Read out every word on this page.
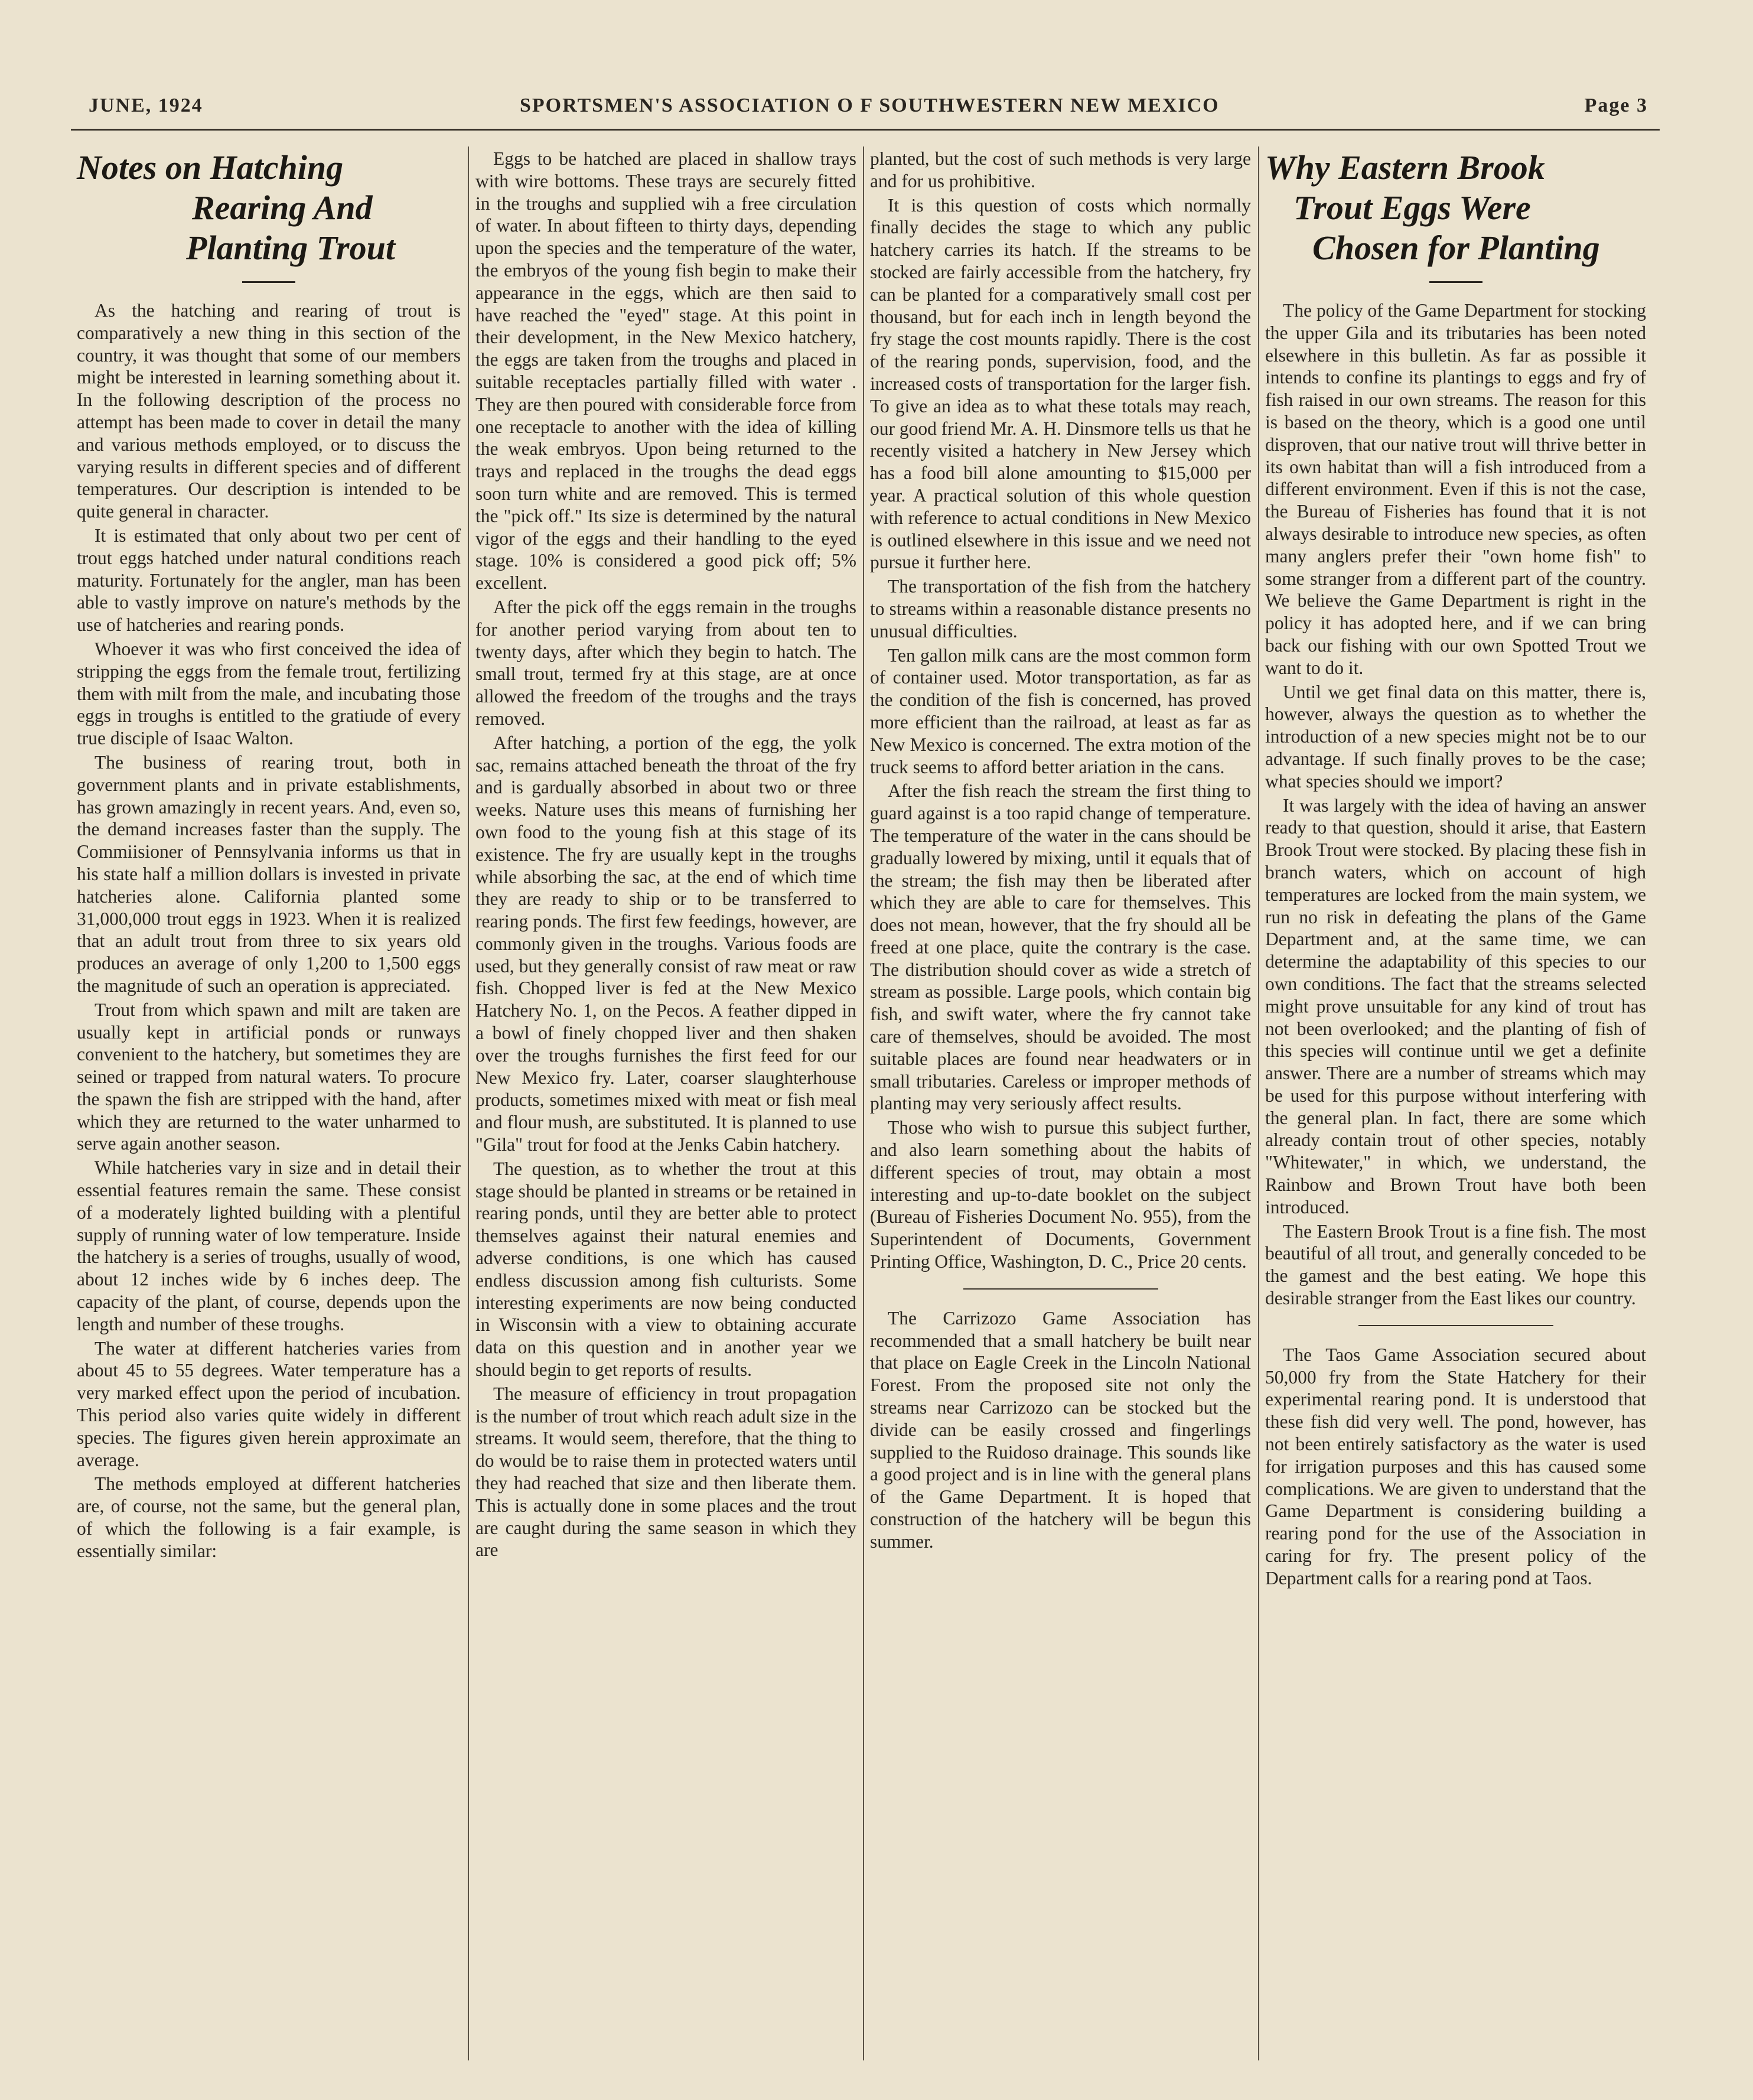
JUNE, 1924	SPORTSMEN'S ASSOCIATION O F SOUTHWESTERN NEW MEXICO	Page 3
Notes on Hatching
Rearing And
Planting Trout

As the hatching and rearing of trout is comparatively a new thing in this section of the country, it was thought that some of our members might be interested in learning something about it. In the following description of the process no attempt has been made to cover in detail the many and various methods employed, or to discuss the varying results in different species and of different temperatures. Our description is intended to be quite general in character.

It is estimated that only about two per cent of trout eggs hatched under natural conditions reach maturity. Fortunately for the angler, man has been able to vastly improve on nature's methods by the use of hatcheries and rearing ponds.

Whoever it was who first conceived the idea of stripping the eggs from the female trout, fertilizing them with milt from the male, and incubating those eggs in troughs is entitled to the gratiude of every true disciple of Isaac Walton.

The business of rearing trout, both in government plants and in private establishments, has grown amazingly in recent years. And, even so, the demand increases faster than the supply. The Commiisioner of Pennsylvania informs us that in his state half a million dollars is invested in private hatcheries alone. California planted some 31,000,000 trout eggs in 1923. When it is realized that an adult trout from three to six years old produces an average of only 1,200 to 1,500 eggs the magnitude of such an operation is appreciated.

Trout from which spawn and milt are taken are usually kept in artificial ponds or runways convenient to the hatchery, but sometimes they are seined or trapped from natural waters. To procure the spawn the fish are stripped with the hand, after which they are returned to the water unharmed to serve again another season.

While hatcheries vary in size and in detail their essential features remain the same. These consist of a moderately lighted building with a plentiful supply of running water of low temperature. Inside the hatchery is a series of troughs, usually of wood, about 12 inches wide by 6 inches deep. The capacity of the plant, of course, depends upon the length and number of these troughs.

The water at different hatcheries varies from about 45 to 55 degrees. Water temperature has a very marked effect upon the period of incubation. This period also varies quite widely in different species. The figures given herein approximate an average.

The methods employed at different hatcheries are, of course, not the same, but the general plan, of which the following is a fair example, is essentially similar:

Eggs to be hatched are placed in shallow trays with wire bottoms. These trays are securely fitted in the troughs and supplied wih a free circulation of water. In about fifteen to thirty days, depending upon the species and the temperature of the water, the embryos of the young fish begin to make their appearance in the eggs, which are then said to have reached the "eyed" stage. At this point in their development, in the New Mexico hatchery, the eggs are taken from the troughs and placed in suitable receptacles partially filled with water . They are then poured with considerable force from one receptacle to another with the idea of killing the weak embryos. Upon being returned to the trays and replaced in the troughs the dead eggs soon turn white and are removed. This is termed the "pick off." Its size is determined by the natural vigor of the eggs and their handling to the eyed stage. 10% is considered a good pick off; 5% excellent.

After the pick off the eggs remain in the troughs for another period varying from about ten to twenty days, after which they begin to hatch. The small trout, termed fry at this stage, are at once allowed the freedom of the troughs and the trays removed.

After hatching, a portion of the egg, the yolk sac, remains attached beneath the throat of the fry and is gardually absorbed in about two or three weeks. Nature uses this means of furnishing her own food to the young fish at this stage of its existence. The fry are usually kept in the troughs while absorbing the sac, at the end of which time they are ready to ship or to be transferred to rearing ponds. The first few feedings, however, are commonly given in the troughs. Various foods are used, but they generally consist of raw meat or raw fish. Chopped liver is fed at the New Mexico Hatchery No. 1, on the Pecos. A feather dipped in a bowl of finely chopped liver and then shaken over the troughs furnishes the first feed for our New Mexico fry. Later, coarser slaughterhouse products, sometimes mixed with meat or fish meal and flour mush, are substituted. It is planned to use "Gila" trout for food at the Jenks Cabin hatchery.

The question, as to whether the trout at this stage should be planted in streams or be retained in rearing ponds, until they are better able to protect themselves against their natural enemies and adverse conditions, is one which has caused endless discussion among fish culturists. Some interesting experiments are now being conducted in Wisconsin with a view to obtaining accurate data on this question and in another year we should begin to get reports of results.

The measure of efficiency in trout propagation is the number of trout which reach adult size in the streams. It would seem, therefore, that the thing to do would be to raise them in protected waters until they had reached that size and then liberate them. This is actually done in some places and the trout are caught during the same season in which they are

planted, but the cost of such methods is very large and for us prohibitive.

It is this question of costs which normally finally decides the stage to which any public hatchery carries its hatch. If the streams to be stocked are fairly accessible from the hatchery, fry can be planted for a comparatively small cost per thousand, but for each inch in length beyond the fry stage the cost mounts rapidly. There is the cost of the rearing ponds, supervision, food, and the increased costs of transportation for the larger fish. To give an idea as to what these totals may reach, our good friend Mr. A. H. Dinsmore tells us that he recently visited a hatchery in New Jersey which has a food bill alone amounting to $15,000 per year. A practical solution of this whole question with reference to actual conditions in New Mexico is outlined elsewhere in this issue and we need not pursue it further here.

The transportation of the fish from the hatchery to streams within a reasonable distance presents no unusual difficulties.

Ten gallon milk cans are the most common form of container used. Motor transportation, as far as the condition of the fish is concerned, has proved more efficient than the railroad, at least as far as New Mexico is concerned. The extra motion of the truck seems to afford better ariation in the cans.

After the fish reach the stream the first thing to guard against is a too rapid change of temperature. The temperature of the water in the cans should be gradually lowered by mixing, until it equals that of the stream; the fish may then be liberated after which they are able to care for themselves. This does not mean, however, that the fry should all be freed at one place, quite the contrary is the case. The distribution should cover as wide a stretch of stream as possible. Large pools, which contain big fish, and swift water, where the fry cannot take care of themselves, should be avoided. The most suitable places are found near headwaters or in small tributaries. Careless or improper methods of planting may very seriously affect results.

Those who wish to pursue this subject further, and also learn something about the habits of different species of trout, may obtain a most interesting and up-to-date booklet on the subject (Bureau of Fisheries Document No. 955), from the Superintendent of Documents, Government Printing Office, Washington, D. C., Price 20 cents.

The Carrizozo Game Association has recommended that a small hatchery be built near that place on Eagle Creek in the Lincoln National Forest. From the proposed site not only the streams near Carrizozo can be stocked but the divide can be easily crossed and fingerlings supplied to the Ruidoso drainage. This sounds like a good project and is in line with the general plans of the Game Department. It is hoped that construction of the hatchery will be begun this summer.

Why Eastern Brook
Trout Eggs Were
Chosen for Planting

The policy of the Game Department for stocking the upper Gila and its tributaries has been noted elsewhere in this bulletin. As far as possible it intends to confine its plantings to eggs and fry of fish raised in our own streams. The reason for this is based on the theory, which is a good one until disproven, that our native trout will thrive better in its own habitat than will a fish introduced from a different environment. Even if this is not the case, the Bureau of Fisheries has found that it is not always desirable to introduce new species, as often many anglers prefer their "own home fish" to some stranger from a different part of the country. We believe the Game Department is right in the policy it has adopted here, and if we can bring back our fishing with our own Spotted Trout we want to do it.

Until we get final data on this matter, there is, however, always the question as to whether the introduction of a new species might not be to our advantage. If such finally proves to be the case; what species should we import?

It was largely with the idea of having an answer ready to that question, should it arise, that Eastern Brook Trout were stocked. By placing these fish in branch waters, which on account of high temperatures are locked from the main system, we run no risk in defeating the plans of the Game Department and, at the same time, we can determine the adaptability of this species to our own conditions. The fact that the streams selected might prove unsuitable for any kind of trout has not been overlooked; and the planting of fish of this species will continue until we get a definite answer. There are a number of streams which may be used for this purpose without interfering with the general plan. In fact, there are some which already contain trout of other species, notably "Whitewater," in which, we understand, the Rainbow and Brown Trout have both been introduced.

The Eastern Brook Trout is a fine fish. The most beautiful of all trout, and generally conceded to be the gamest and the best eating. We hope this desirable stranger from the East likes our country.

The Taos Game Association secured about 50,000 fry from the State Hatchery for their experimental rearing pond. It is understood that these fish did very well. The pond, however, has not been entirely satisfactory as the water is used for irrigation purposes and this has caused some complications. We are given to understand that the Game Department is considering building a rearing pond for the use of the Association in caring for fry. The present policy of the Department calls for a rearing pond at Taos.
